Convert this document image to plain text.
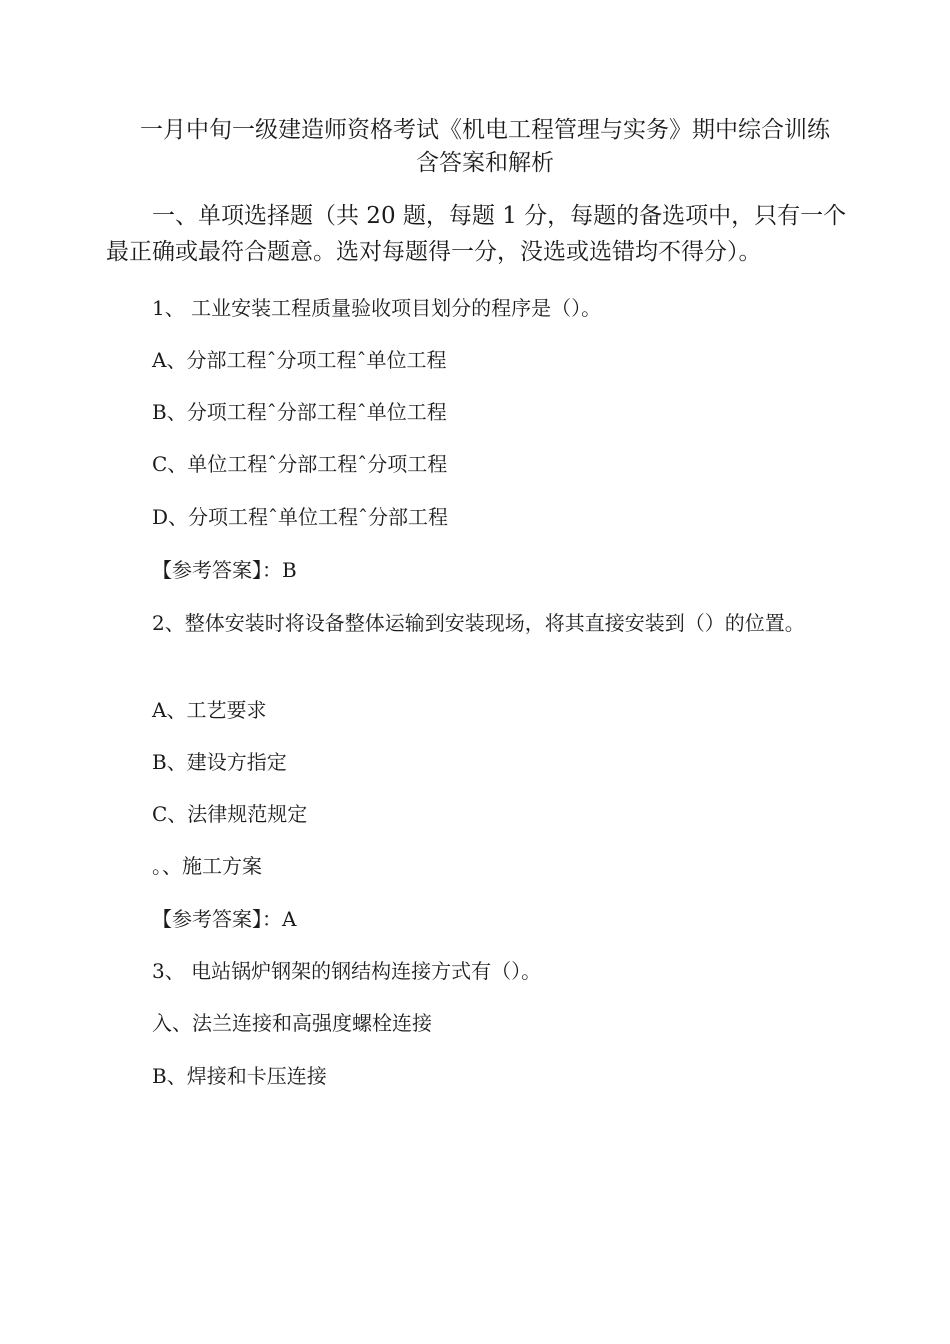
一月中旬一级建造师资格考试《机电工程管理与实务》期中综合训练
含答案和解析

一、单项选择题（共 20 题，每题 1 分，每题的备选项中，只有一个最正确或最符合题意。选对每题得一分，没选或选错均不得分）。

1、 工业安装工程质量验收项目划分的程序是（）。

A、分部工程ˆ分项工程ˆ单位工程

B、分项工程ˆ分部工程ˆ单位工程

C、单位工程ˆ分部工程ˆ分项工程

D、分项工程ˆ单位工程ˆ分部工程

【参考答案】：B

2、整体安装时将设备整体运输到安装现场，将其直接安装到（）的位置。

A、工艺要求

B、建设方指定

C、法律规范规定

。、施工方案

【参考答案】：A

3、 电站锅炉钢架的钢结构连接方式有（）。

入、法兰连接和高强度螺栓连接

B、焊接和卡压连接
